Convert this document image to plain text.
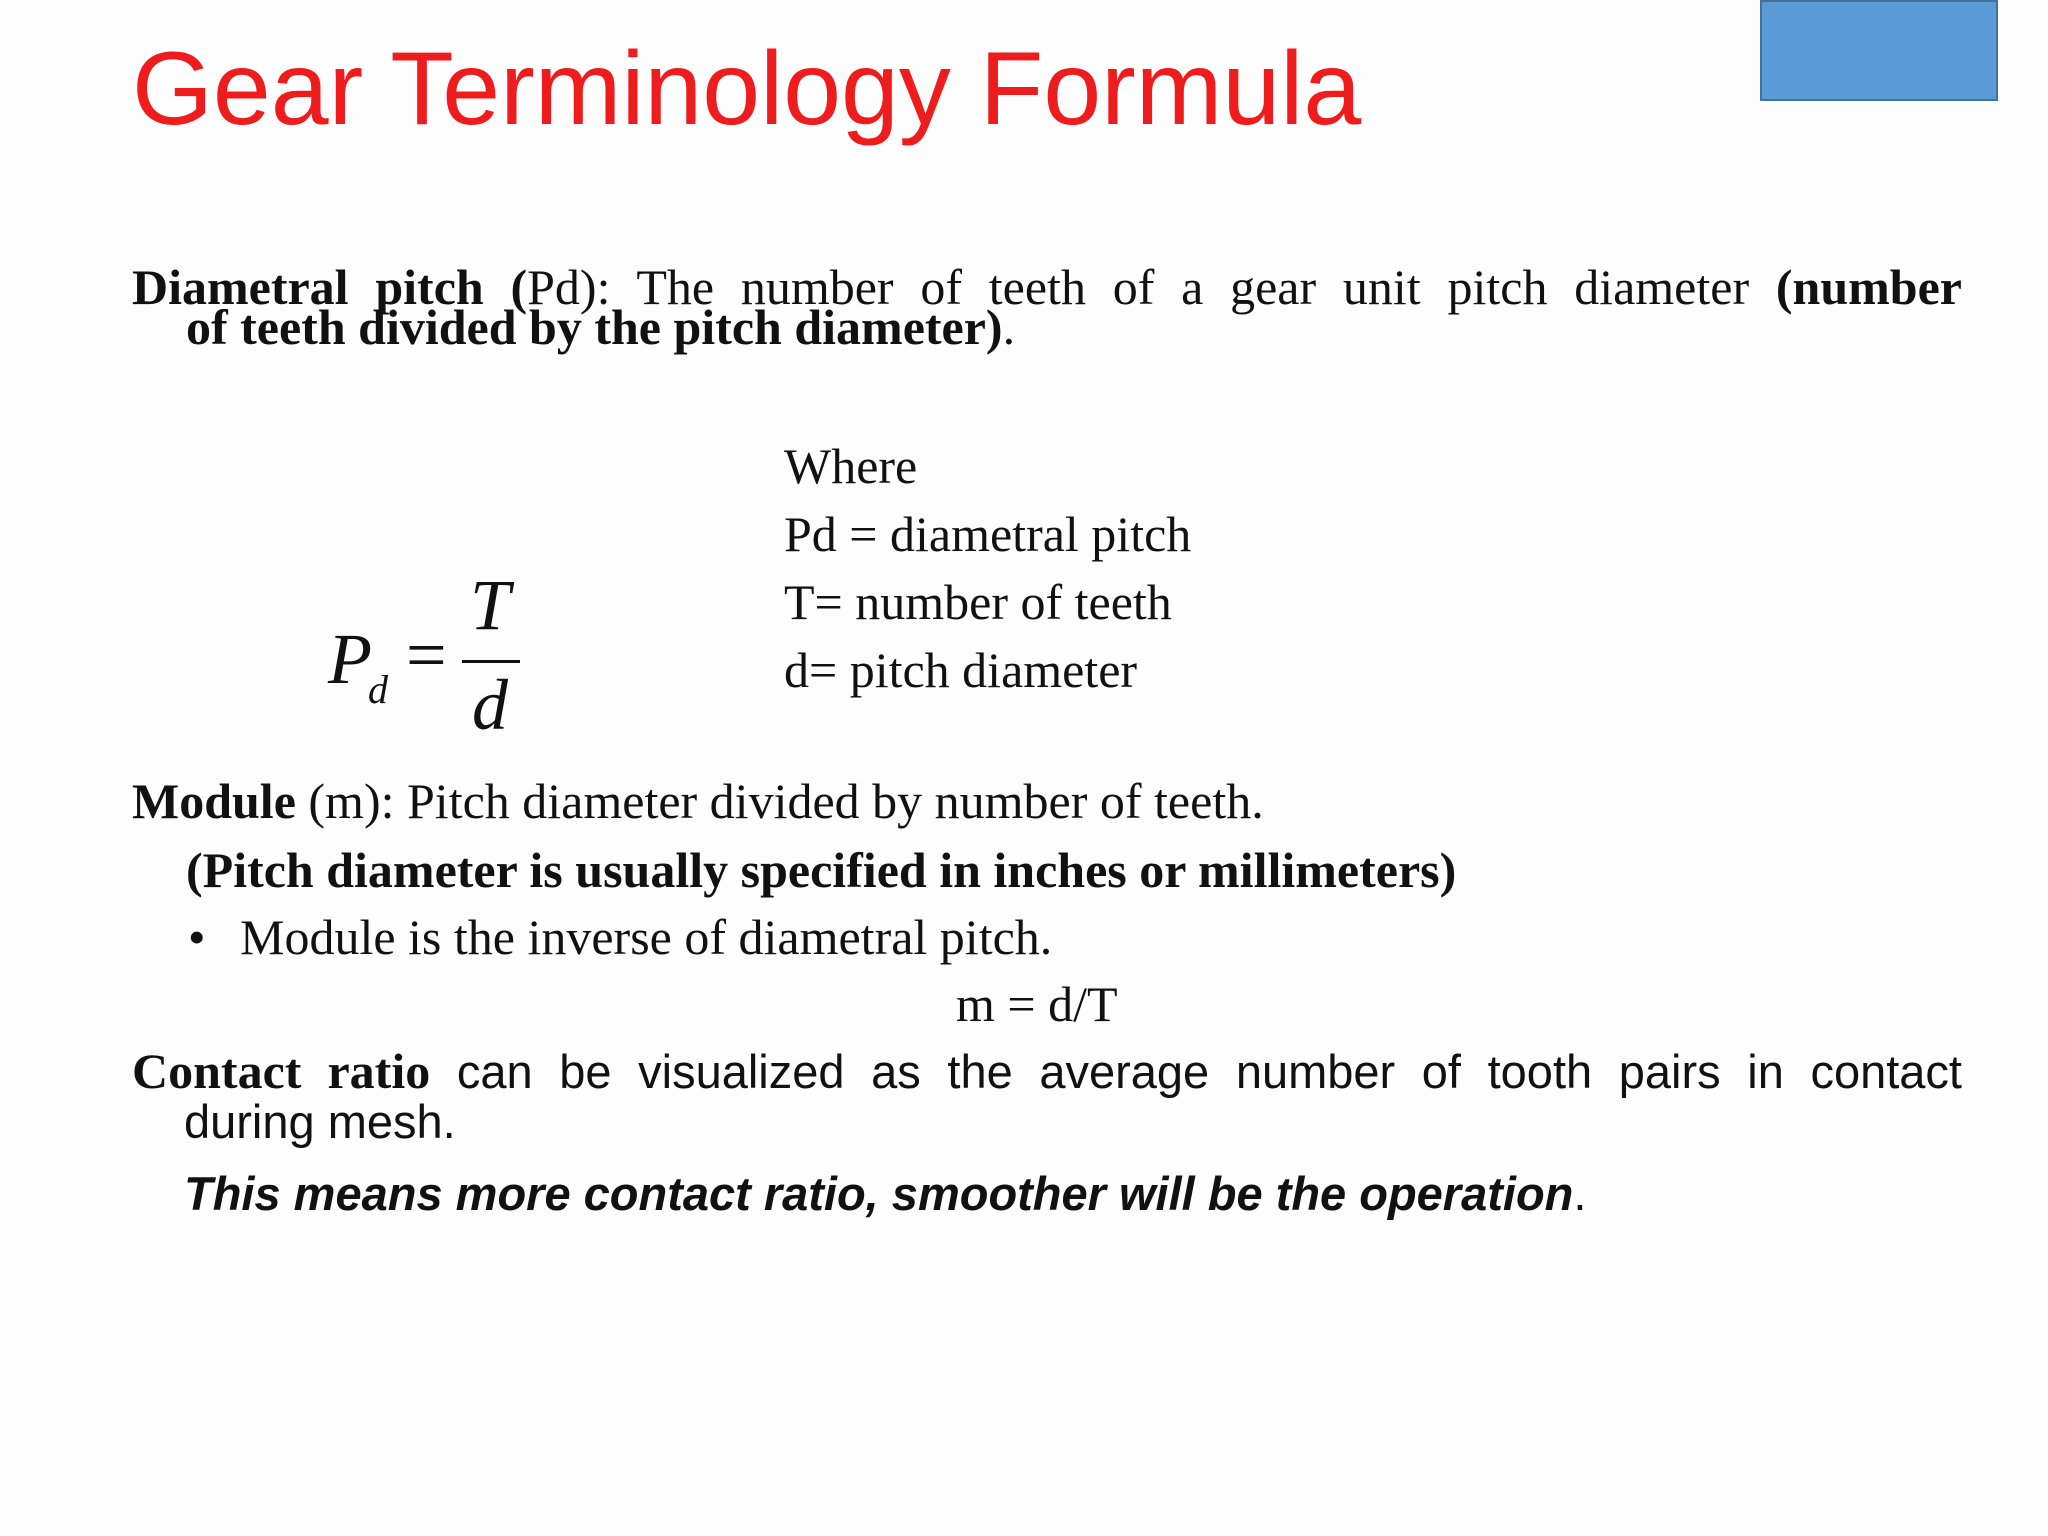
Gear Terminology Formula
Diametral pitch (Pd): The number of teeth of a gear unit pitch diameter (number
of teeth divided by the pitch diameter).
Where
Pd = diametral pitch
T= number of teeth
d= pitch diameter
P
d =
T
d
Module (m): Pitch diameter divided by number of teeth.
(Pitch diameter is usually specified in inches or millimeters)
• Module is the inverse of diametral pitch.
m = d/T
Contact ratio can be visualized as the average number of tooth pairs in contact
during mesh.
This means more contact ratio, smoother will be the operation.
